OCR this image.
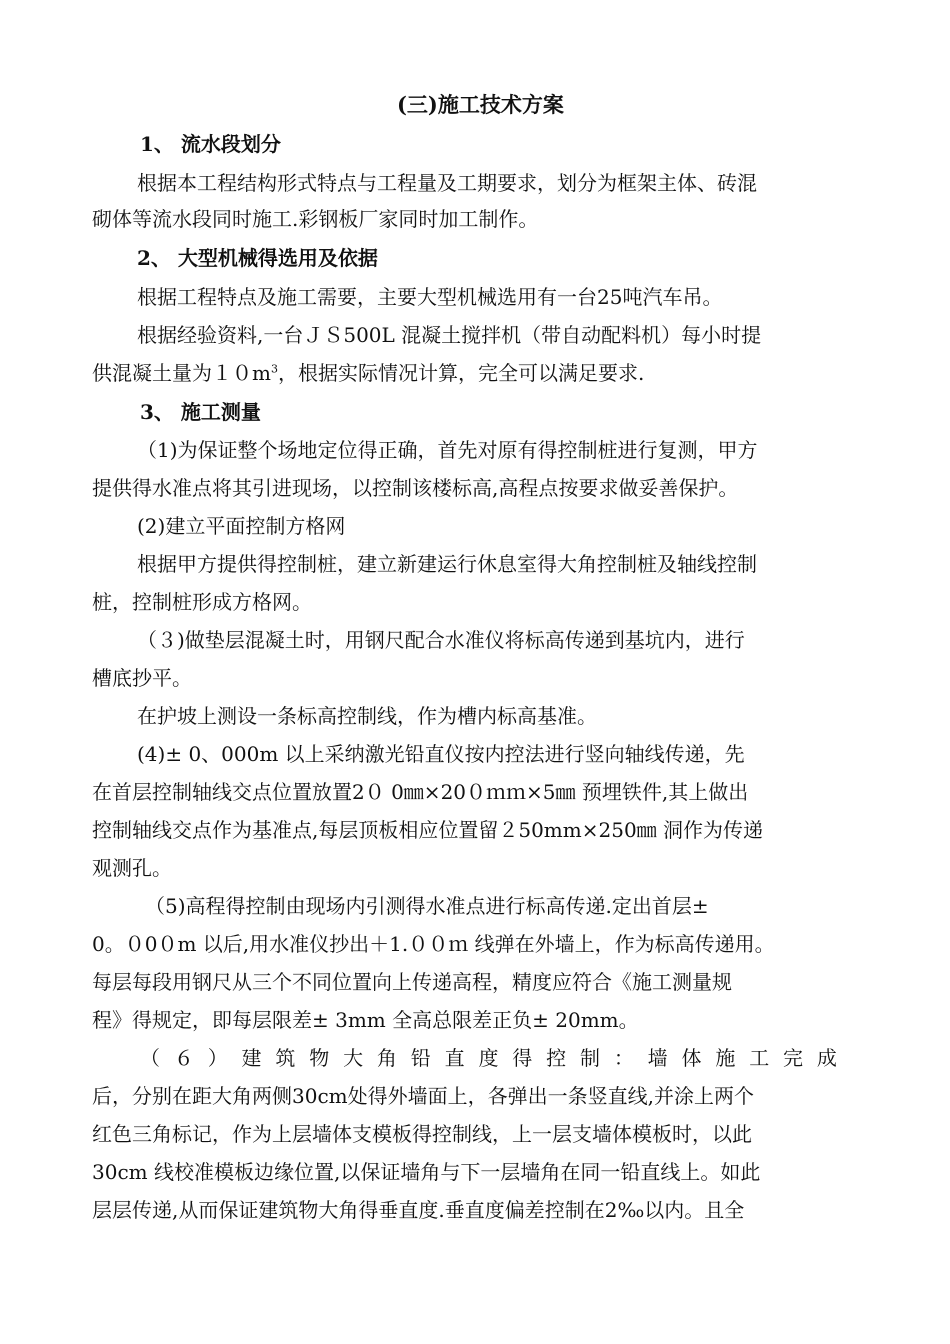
(三)施工技术方案
1、 流水段划分
根据本工程结构形式特点与工程量及工期要求，划分为框架主体、砖混
砌体等流水段同时施工.彩钢板厂家同时加工制作。
2、 大型机械得选用及依据
根据工程特点及施工需要，主要大型机械选用有一台25吨汽车吊。
根据经验资料,一台ＪＳ500L 混凝土搅拌机（带自动配料机）每小时提
供混凝土量为$10m^3$，根据实际情况计算，完全可以满足要求.
3、 施工测量
（1)为保证整个场地定位得正确，首先对原有得控制桩进行复测，甲方
提供得水准点将其引进现场，以控制该楼标高,高程点按要求做妥善保护。
(2)建立平面控制方格网
根据甲方提供得控制桩，建立新建运行休息室得大角控制桩及轴线控制
桩，控制桩形成方格网。
（３)做垫层混凝土时，用钢尺配合水准仪将标高传递到基坑内，进行
槽底抄平。
在护坡上测设一条标高控制线，作为槽内标高基准。
(4)± 0、000m 以上采纳激光铅直仪按内控法进行竖向轴线传递，先
在首层控制轴线交点位置放置2０ 0㎜×20０ｍｍ×5㎜ 预埋铁件,其上做出
控制轴线交点作为基准点,每层顶板相应位置留２50mm×250㎜ 洞作为传递
观测孔。
（5)高程得控制由现场内引测得水准点进行标高传递.定出首层±
0。０0０m 以后,用水准仪抄出＋1.００ｍ 线弹在外墙上，作为标高传递用。
每层每段用钢尺从三个不同位置向上传递高程，精度应符合《施工测量规
程》得规定，即每层限差± 3mm 全高总限差正负± 20mm。
（ ６ ） 建 筑 物 大 角 铅 直 度 得 控 制 ： 墙 体 施 工 完 成
后，分别在距大角两侧30cm处得外墙面上，各弹出一条竖直线,并涂上两个
红色三角标记，作为上层墙体支模板得控制线，上一层支墙体模板时，以此
30cm 线校准模板边缘位置,以保证墙角与下一层墙角在同一铅直线上。如此
层层传递,从而保证建筑物大角得垂直度.垂直度偏差控制在2‰以内。且全
